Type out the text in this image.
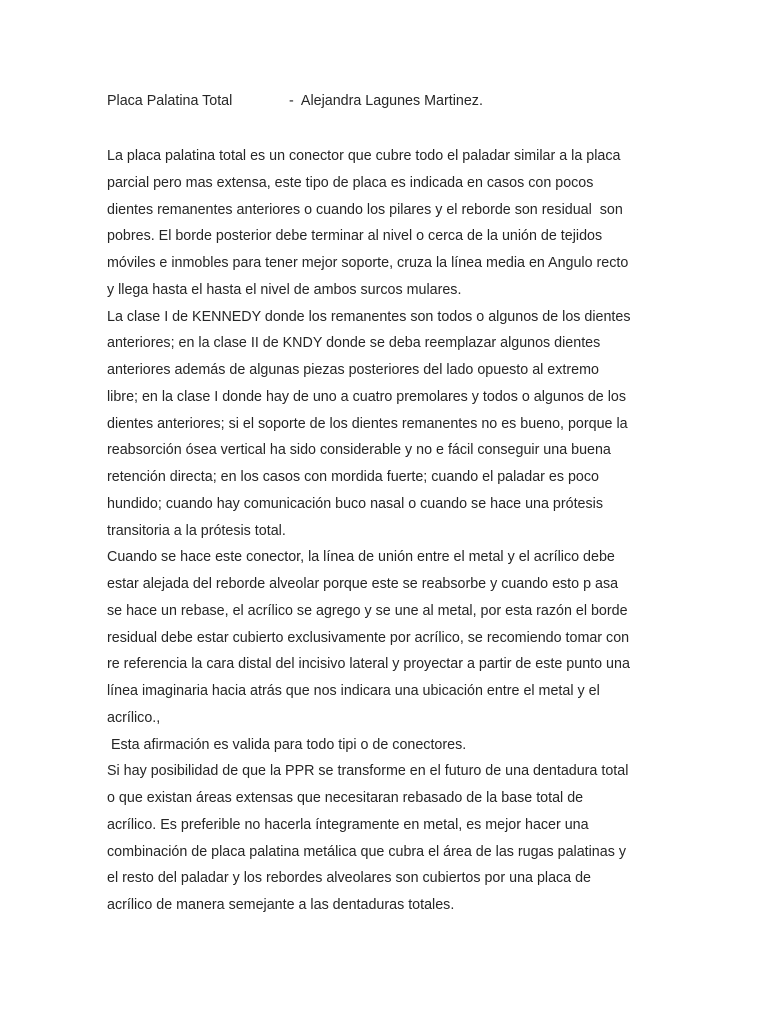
Placa Palatina Total	-  Alejandra Lagunes Martinez.
La placa palatina total es un conector que cubre todo el paladar similar a la placa
parcial pero mas extensa, este tipo de placa es indicada en casos con pocos
dientes remanentes anteriores o cuando los pilares y el reborde son residual  son
pobres. El borde posterior debe terminar al nivel o cerca de la unión de tejidos
móviles e inmobles para tener mejor soporte, cruza la línea media en Angulo recto
y llega hasta el hasta el nivel de ambos surcos mulares.
La clase I de KENNEDY donde los remanentes son todos o algunos de los dientes
anteriores; en la clase II de KNDY donde se deba reemplazar algunos dientes
anteriores además de algunas piezas posteriores del lado opuesto al extremo
libre; en la clase I donde hay de uno a cuatro premolares y todos o algunos de los
dientes anteriores; si el soporte de los dientes remanentes no es bueno, porque la
reabsorción ósea vertical ha sido considerable y no e fácil conseguir una buena
retención directa; en los casos con mordida fuerte; cuando el paladar es poco
hundido; cuando hay comunicación buco nasal o cuando se hace una prótesis
transitoria a la prótesis total.
Cuando se hace este conector, la línea de unión entre el metal y el acrílico debe
estar alejada del reborde alveolar porque este se reabsorbe y cuando esto p asa
se hace un rebase, el acrílico se agrego y se une al metal, por esta razón el borde
residual debe estar cubierto exclusivamente por acrílico, se recomiendo tomar con
re referencia la cara distal del incisivo lateral y proyectar a partir de este punto una
línea imaginaria hacia atrás que nos indicara una ubicación entre el metal y el
acrílico.,
Esta afirmación es valida para todo tipi o de conectores.
Si hay posibilidad de que la PPR se transforme en el futuro de una dentadura total
o que existan áreas extensas que necesitaran rebasado de la base total de
acrílico. Es preferible no hacerla íntegramente en metal, es mejor hacer una
combinación de placa palatina metálica que cubra el área de las rugas palatinas y
el resto del paladar y los rebordes alveolares son cubiertos por una placa de
acrílico de manera semejante a las dentaduras totales.
